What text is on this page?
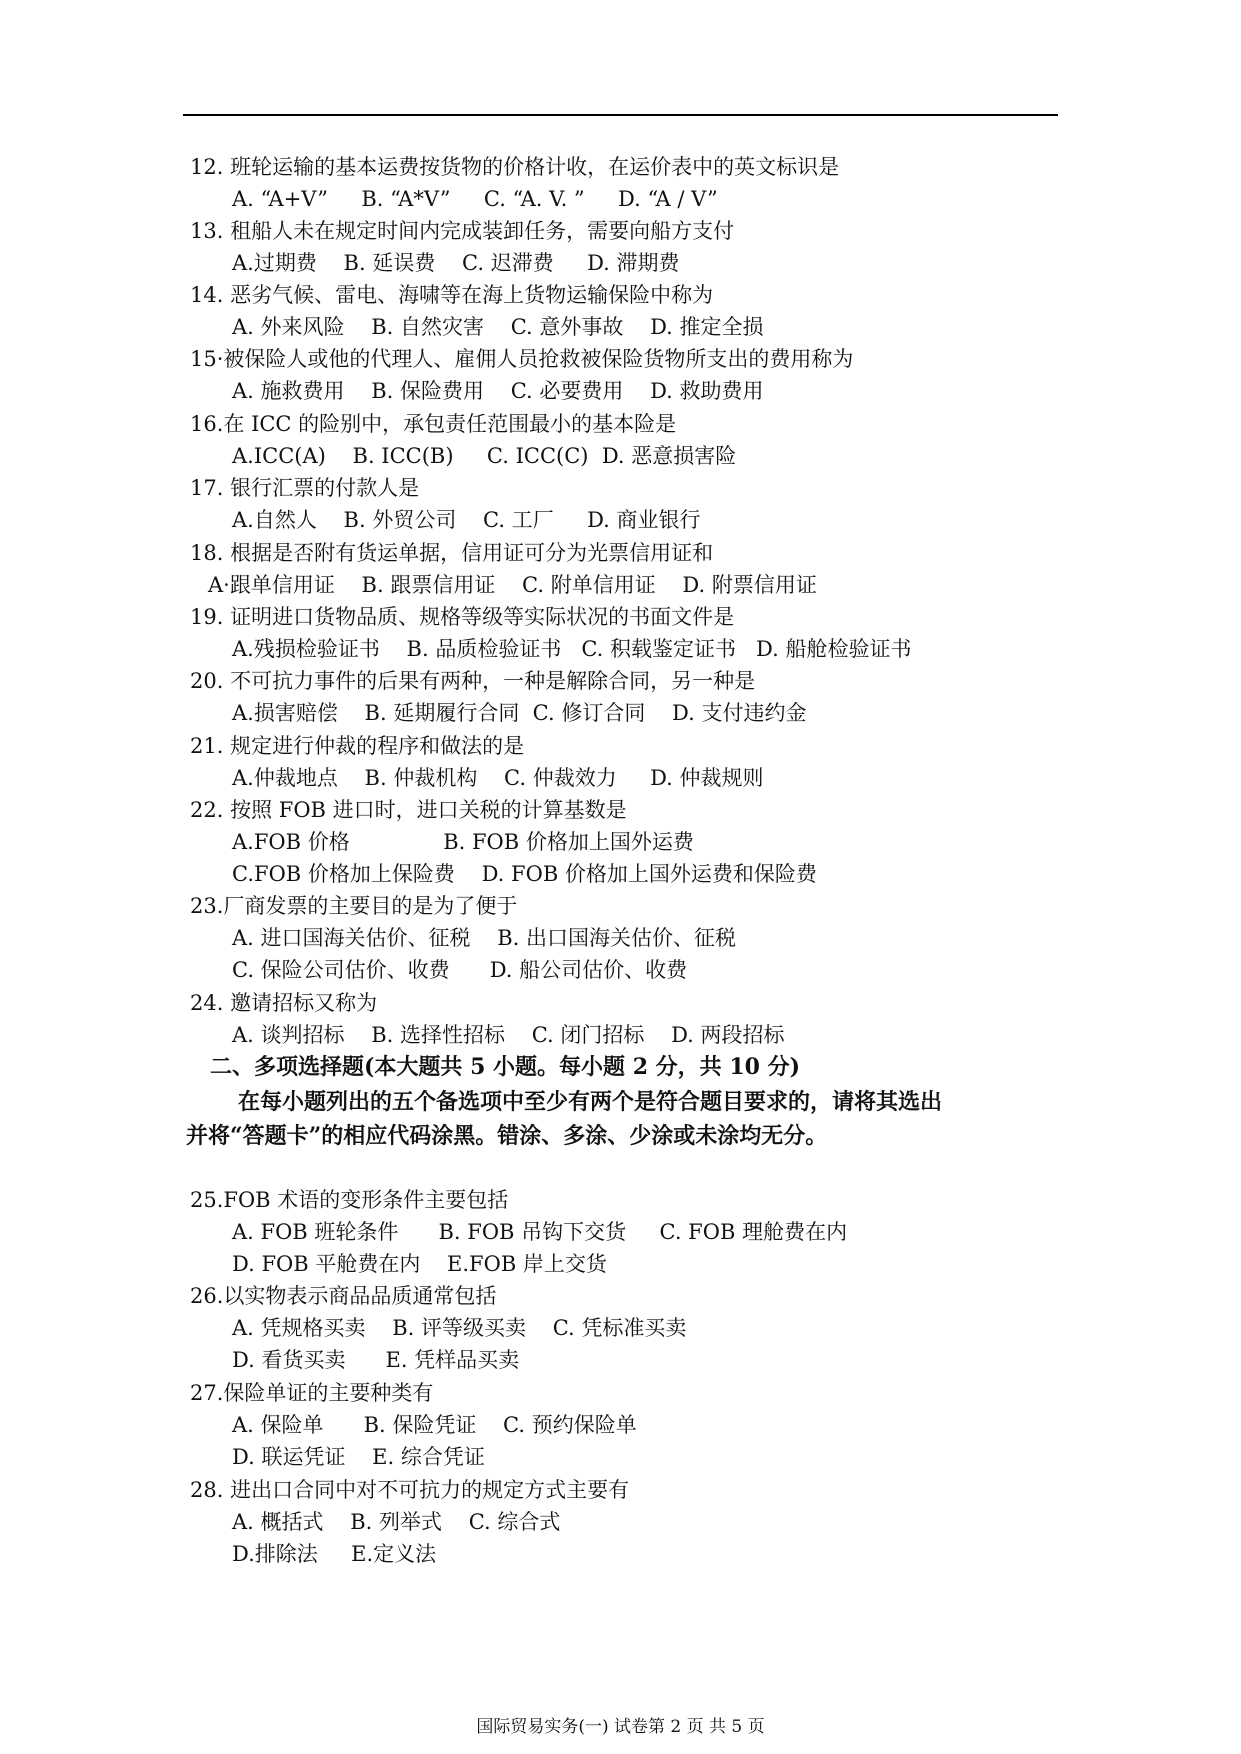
12. 班轮运输的基本运费按货物的价格计收，在运价表中的英文标识是
A. “A+V”     B. “A*V”     C. “A. V. ”     D. “A / V”
13. 租船人未在规定时间内完成装卸任务，需要向船方支付
A.过期费    B. 延误费    C. 迟滞费     D. 滞期费
14. 恶劣气候、雷电、海啸等在海上货物运输保险中称为
A. 外来风险    B. 自然灾害    C. 意外事故    D. 推定全损
15·被保险人或他的代理人、雇佣人员抢救被保险货物所支出的费用称为
A. 施救费用    B. 保险费用    C. 必要费用    D. 救助费用
16.在 ICC 的险别中，承包责任范围最小的基本险是
A.ICC(A)    B. ICC(B)     C. ICC(C)  D. 恶意损害险
17. 银行汇票的付款人是
A.自然人    B. 外贸公司    C. 工厂     D. 商业银行
18. 根据是否附有货运单据，信用证可分为光票信用证和
A·跟单信用证    B. 跟票信用证    C. 附单信用证    D. 附票信用证
19. 证明进口货物品质、规格等级等实际状况的书面文件是
A.残损检验证书    B. 品质检验证书   C. 积载鉴定证书   D. 船舱检验证书
20. 不可抗力事件的后果有两种，一种是解除合同，另一种是
A.损害赔偿    B. 延期履行合同  C. 修订合同    D. 支付违约金
21. 规定进行仲裁的程序和做法的是
A.仲裁地点    B. 仲裁机构    C. 仲裁效力     D. 仲裁规则
22. 按照 FOB 进口时，进口关税的计算基数是
A.FOB 价格              B. FOB 价格加上国外运费
C.FOB 价格加上保险费    D. FOB 价格加上国外运费和保险费
23.厂商发票的主要目的是为了便于
A. 进口国海关估价、征税    B. 出口国海关估价、征税
C. 保险公司估价、收费      D. 船公司估价、收费
24. 邀请招标又称为
A. 谈判招标    B. 选择性招标    C. 闭门招标    D. 两段招标
二、多项选择题(本大题共 5 小题。每小题 2 分，共 10 分)
在每小题列出的五个备选项中至少有两个是符合题目要求的，请将其选出
并将“答题卡”的相应代码涂黑。错涂、多涂、少涂或未涂均无分。
25.FOB 术语的变形条件主要包括
A. FOB 班轮条件      B. FOB 吊钩下交货     C. FOB 理舱费在内
D. FOB 平舱费在内    E.FOB 岸上交货
26.以实物表示商品品质通常包括
A. 凭规格买卖    B. 评等级买卖    C. 凭标准买卖
D. 看货买卖      E. 凭样品买卖
27.保险单证的主要种类有
A. 保险单      B. 保险凭证    C. 预约保险单
D. 联运凭证    E. 综合凭证
28. 进出口合同中对不可抗力的规定方式主要有
A. 概括式    B. 列举式    C. 综合式
D.排除法     E.定义法
国际贸易实务(一) 试卷第 2 页 共 5 页
